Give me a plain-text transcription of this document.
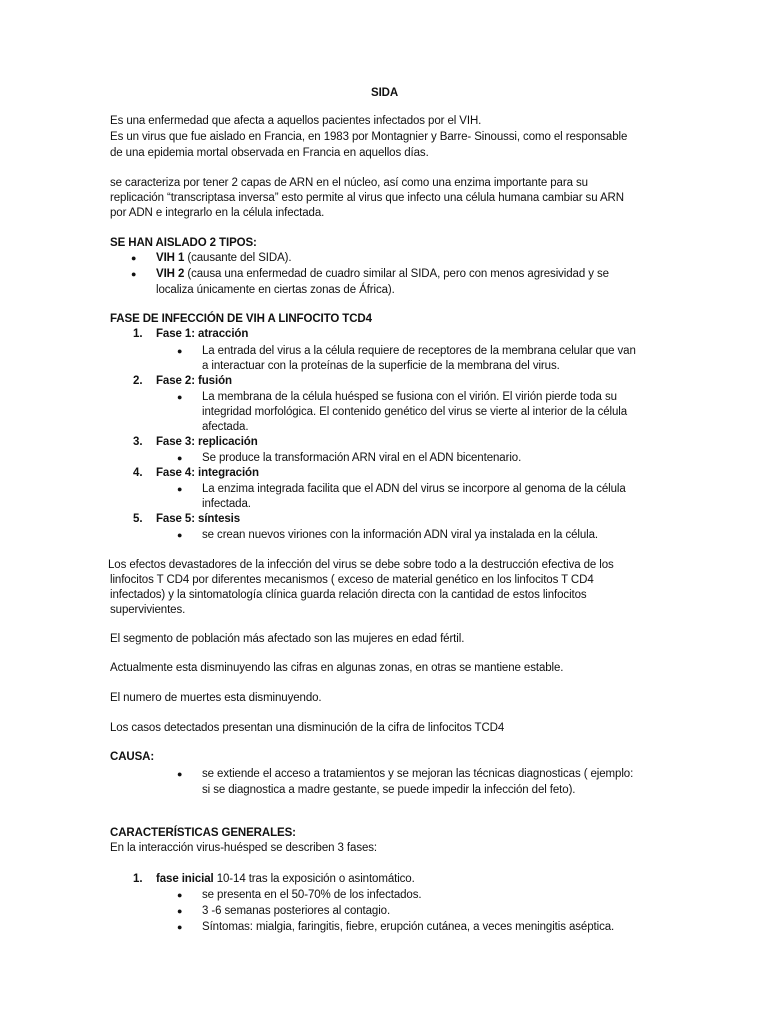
SIDA
Es una enfermedad que afecta a aquellos pacientes infectados por el VIH.
Es un virus que fue aislado en Francia, en 1983 por Montagnier y Barre- Sinoussi, como el responsable
de una epidemia mortal observada en Francia en aquellos días.
se caracteriza por tener 2 capas de ARN en el núcleo, así como una enzima importante para su
replicación “transcriptasa inversa” esto permite al virus que infecto una célula humana cambiar su ARN
por ADN e integrarlo en la célula infectada.
SE HAN AISLADO 2 TIPOS:
● VIH 1 (causante del SIDA).
● VIH 2 (causa una enfermedad de cuadro similar al SIDA, pero con menos agresividad y se
localiza únicamente en ciertas zonas de África).
FASE DE INFECCIÓN DE VIH A LINFOCITO TCD4
1. Fase 1: atracción
● La entrada del virus a la célula requiere de receptores de la membrana celular que van
a interactuar con la proteínas de la superficie de la membrana del virus.
2. Fase 2: fusión
● La membrana de la célula huésped se fusiona con el virión. El virión pierde toda su
integridad morfológica. El contenido genético del virus se vierte al interior de la célula
afectada.
3. Fase 3: replicación
● Se produce la transformación ARN viral en el ADN bicentenario.
4. Fase 4: integración
● La enzima integrada facilita que el ADN del virus se incorpore al genoma de la célula
infectada.
5. Fase 5: síntesis
● se crean nuevos viriones con la información ADN viral ya instalada en la célula.
Los efectos devastadores de la infección del virus se debe sobre todo a la destrucción efectiva de los
linfocitos T CD4 por diferentes mecanismos ( exceso de material genético en los linfocitos T CD4
infectados) y la sintomatología clínica guarda relación directa con la cantidad de estos linfocitos
supervivientes.
El segmento de población más afectado son las mujeres en edad fértil.
Actualmente esta disminuyendo las cifras en algunas zonas, en otras se mantiene estable.
El numero de muertes esta disminuyendo.
Los casos detectados presentan una disminución de la cifra de linfocitos TCD4
CAUSA:
● se extiende el acceso a tratamientos y se mejoran las técnicas diagnosticas ( ejemplo:
si se diagnostica a madre gestante, se puede impedir la infección del feto).
CARACTERÍSTICAS GENERALES:
En la interacción virus-huésped se describen 3 fases:
1. fase inicial 10-14 tras la exposición o asintomático.
● se presenta en el 50-70% de los infectados.
● 3 -6 semanas posteriores al contagio.
● Síntomas: mialgia, faringitis, fiebre, erupción cutánea, a veces meningitis aséptica.
